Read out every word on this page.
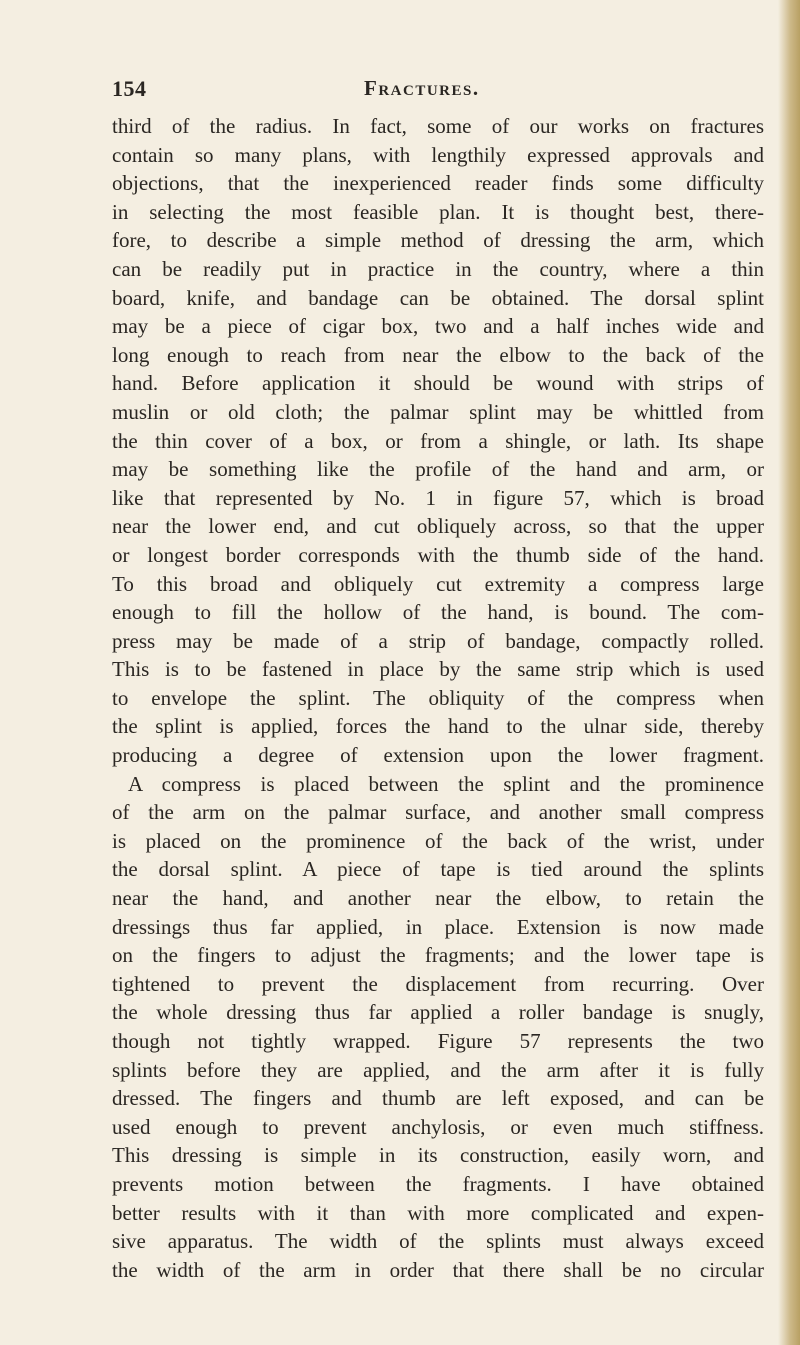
154	Fractures.
third of the radius. In fact, some of our works on fractures
contain so many plans, with lengthily expressed approvals and
objections, that the inexperienced reader finds some difficulty
in selecting the most feasible plan. It is thought best, there-
fore, to describe a simple method of dressing the arm, which
can be readily put in practice in the country, where a thin
board, knife, and bandage can be obtained. The dorsal splint
may be a piece of cigar box, two and a half inches wide and
long enough to reach from near the elbow to the back of the
hand. Before application it should be wound with strips of
muslin or old cloth; the palmar splint may be whittled from
the thin cover of a box, or from a shingle, or lath. Its shape
may be something like the profile of the hand and arm, or
like that represented by No. 1 in figure 57, which is broad
near the lower end, and cut obliquely across, so that the upper
or longest border corresponds with the thumb side of the hand.
To this broad and obliquely cut extremity a compress large
enough to fill the hollow of the hand, is bound. The com-
press may be made of a strip of bandage, compactly rolled.
This is to be fastened in place by the same strip which is used
to envelope the splint. The obliquity of the compress when
the splint is applied, forces the hand to the ulnar side, thereby
producing a degree of extension upon the lower fragment.
A compress is placed between the splint and the prominence
of the arm on the palmar surface, and another small compress
is placed on the prominence of the back of the wrist, under
the dorsal splint. A piece of tape is tied around the splints
near the hand, and another near the elbow, to retain the
dressings thus far applied, in place. Extension is now made
on the fingers to adjust the fragments; and the lower tape is
tightened to prevent the displacement from recurring. Over
the whole dressing thus far applied a roller bandage is snugly,
though not tightly wrapped. Figure 57 represents the two
splints before they are applied, and the arm after it is fully
dressed. The fingers and thumb are left exposed, and can be
used enough to prevent anchylosis, or even much stiffness.
This dressing is simple in its construction, easily worn, and
prevents motion between the fragments. I have obtained
better results with it than with more complicated and expen-
sive apparatus. The width of the splints must always exceed
the width of the arm in order that there shall be no circular
